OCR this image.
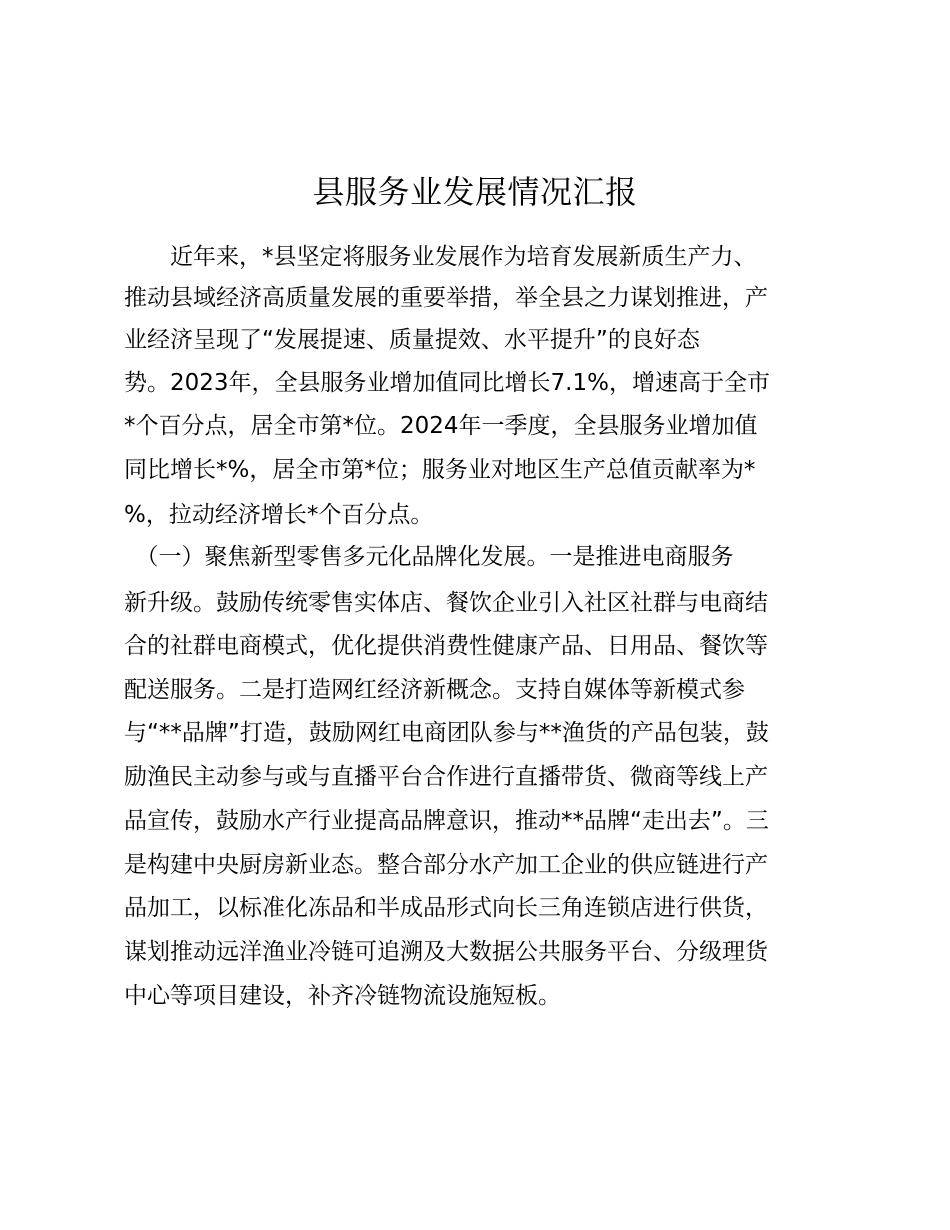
县服务业发展情况汇报
　　近年来，*县坚定将服务业发展作为培育发展新质生产力、
推动县域经济高质量发展的重要举措，举全县之力谋划推进，产
业经济呈现了“发展提速、质量提效、水平提升”的良好态
势。2023年，全县服务业增加值同比增长7.1%，增速高于全市
*个百分点，居全市第*位。2024年一季度，全县服务业增加值
同比增长*%，居全市第*位；服务业对地区生产总值贡献率为*
%，拉动经济增长*个百分点。
　（一）聚焦新型零售多元化品牌化发展。一是推进电商服务
新升级。鼓励传统零售实体店、餐饮企业引入社区社群与电商结
合的社群电商模式，优化提供消费性健康产品、日用品、餐饮等
配送服务。二是打造网红经济新概念。支持自媒体等新模式参
与“**品牌”打造，鼓励网红电商团队参与**渔货的产品包装，鼓
励渔民主动参与或与直播平台合作进行直播带货、微商等线上产
品宣传，鼓励水产行业提高品牌意识，推动**品牌“走出去”。三
是构建中央厨房新业态。整合部分水产加工企业的供应链进行产
品加工，以标准化冻品和半成品形式向长三角连锁店进行供货，
谋划推动远洋渔业冷链可追溯及大数据公共服务平台、分级理货
中心等项目建设，补齐冷链物流设施短板。
